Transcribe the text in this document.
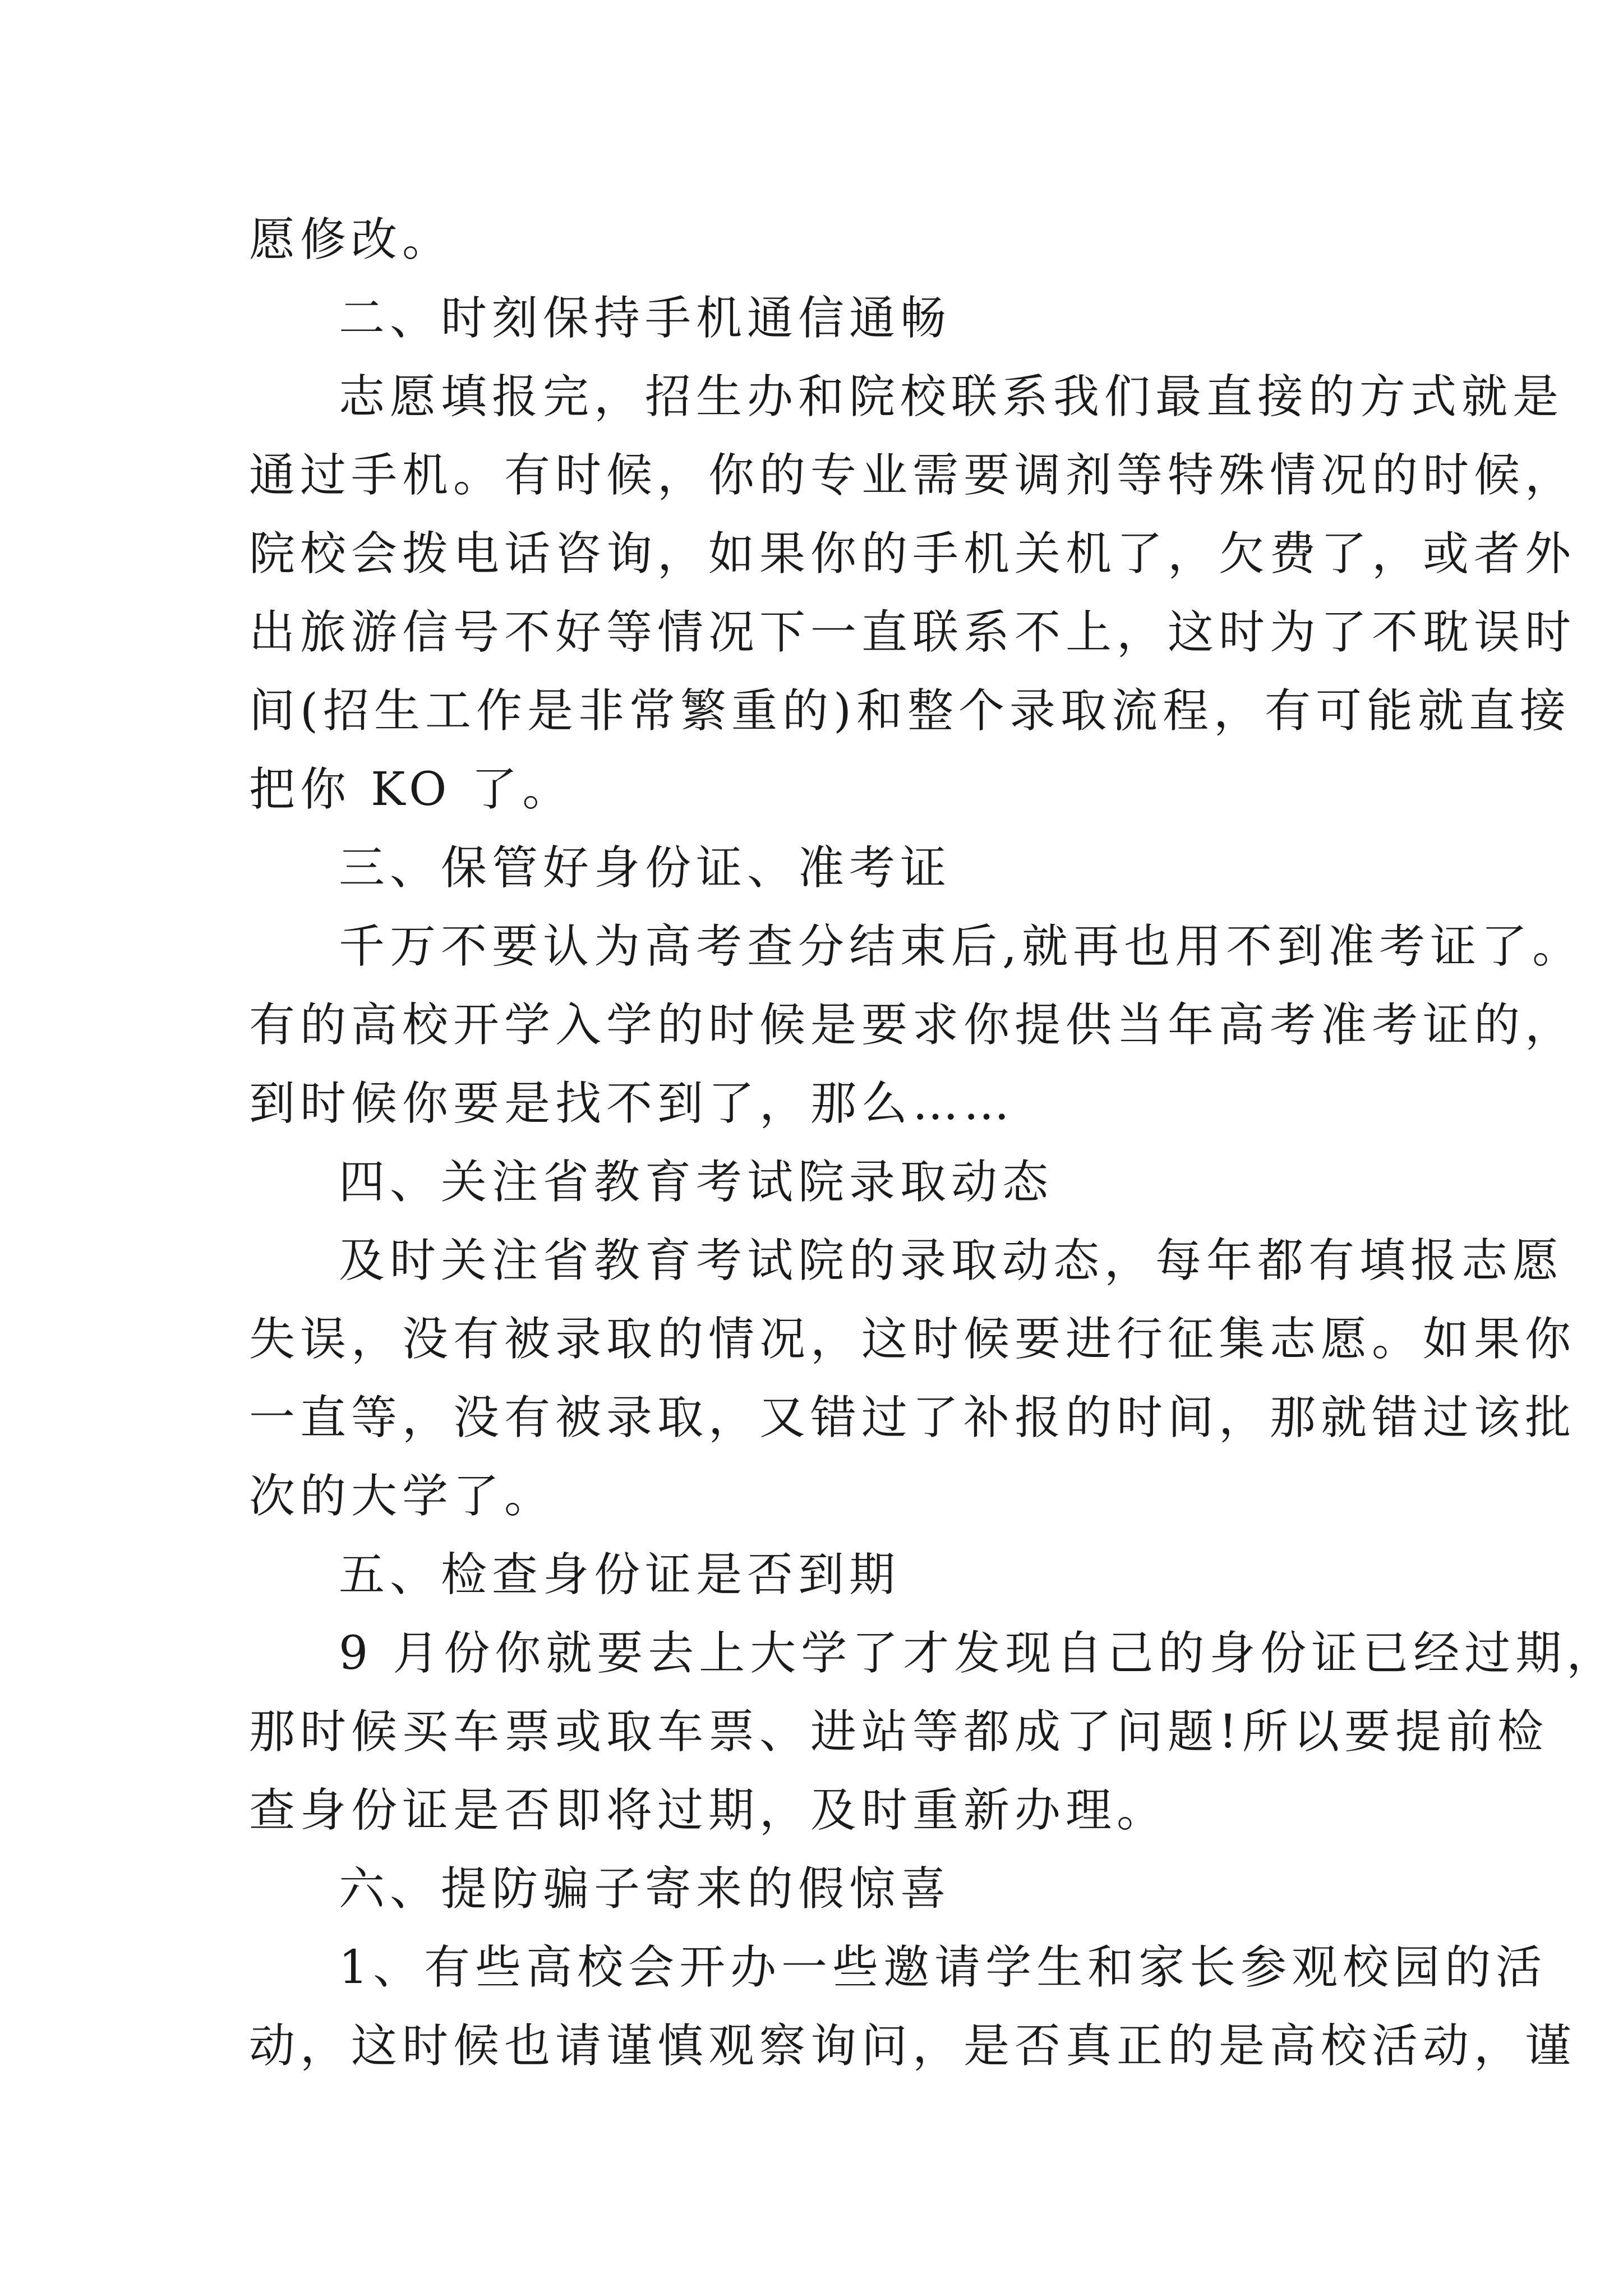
愿修改。
二、时刻保持手机通信通畅
志愿填报完，招生办和院校联系我们最直接的方式就是
通过手机。有时候，你的专业需要调剂等特殊情况的时候，
院校会拨电话咨询，如果你的手机关机了，欠费了，或者外
出旅游信号不好等情况下一直联系不上，这时为了不耽误时
间(招生工作是非常繁重的)和整个录取流程，有可能就直接
把你 KO 了。
三、保管好身份证、准考证
千万不要认为高考查分结束后,就再也用不到准考证了。
有的高校开学入学的时候是要求你提供当年高考准考证的，
到时候你要是找不到了，那么……
四、关注省教育考试院录取动态
及时关注省教育考试院的录取动态，每年都有填报志愿
失误，没有被录取的情况，这时候要进行征集志愿。如果你
一直等，没有被录取，又错过了补报的时间，那就错过该批
次的大学了。
五、检查身份证是否到期
9 月份你就要去上大学了才发现自己的身份证已经过期，
那时候买车票或取车票、进站等都成了问题!所以要提前检
查身份证是否即将过期，及时重新办理。
六、提防骗子寄来的假惊喜
1、有些高校会开办一些邀请学生和家长参观校园的活
动，这时候也请谨慎观察询问，是否真正的是高校活动，谨
